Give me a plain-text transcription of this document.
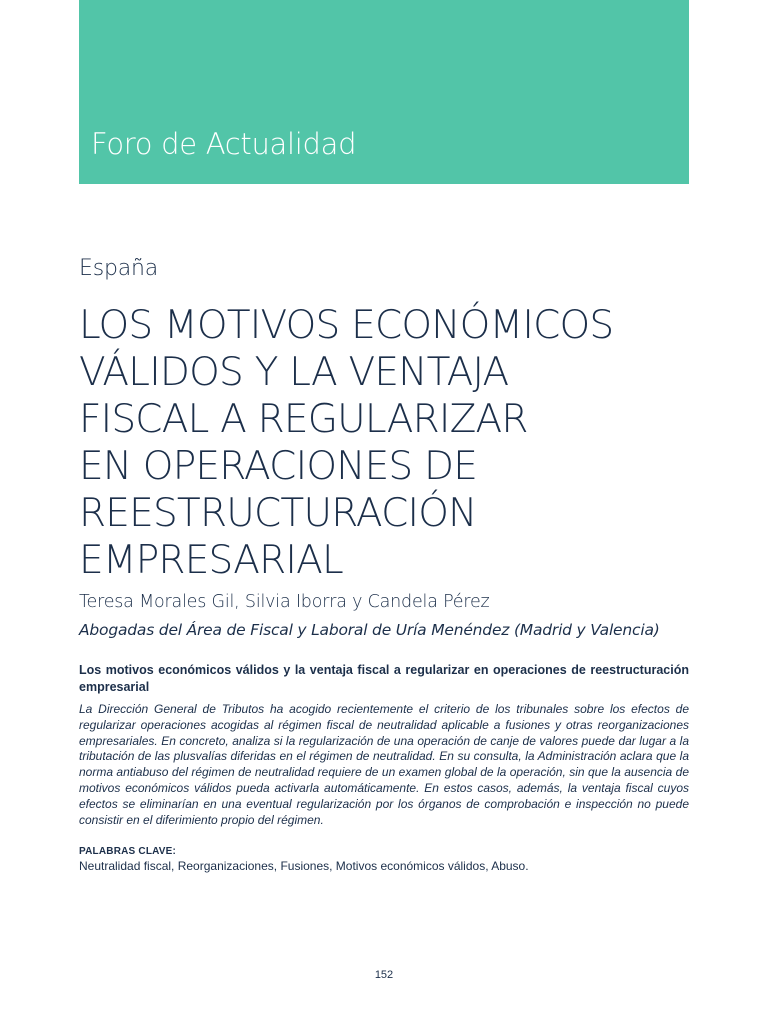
Foro de Actualidad
España
LOS MOTIVOS ECONÓMICOS
VÁLIDOS Y LA VENTAJA
FISCAL A REGULARIZAR
EN OPERACIONES DE
REESTRUCTURACIÓN
EMPRESARIAL
Teresa Morales Gil, Silvia Iborra y Candela Pérez
Abogadas del Área de Fiscal y Laboral de Uría Menéndez (Madrid y Valencia)
Los motivos económicos válidos y la ventaja fiscal a regularizar en operaciones de reestructuración empresarial

La Dirección General de Tributos ha acogido recientemente el criterio de los tribunales sobre los efectos de regularizar operaciones acogidas al régimen fiscal de neutralidad aplicable a fusiones y otras reorganizaciones empresariales. En concreto, analiza si la regularización de una operación de canje de valores puede dar lugar a la tributación de las plusvalías diferidas en el régimen de neutralidad. En su consulta, la Administración aclara que la norma antiabuso del régimen de neutralidad requiere de un examen global de la operación, sin que la ausencia de motivos económicos válidos pueda activarla automáticamente. En estos casos, además, la ventaja fiscal cuyos efectos se eliminarían en una eventual regularización por los órganos de comprobación e inspección no puede consistir en el diferimiento propio del régimen.

PALABRAS CLAVE:
Neutralidad fiscal, Reorganizaciones, Fusiones, Motivos económicos válidos, Abuso.
152
